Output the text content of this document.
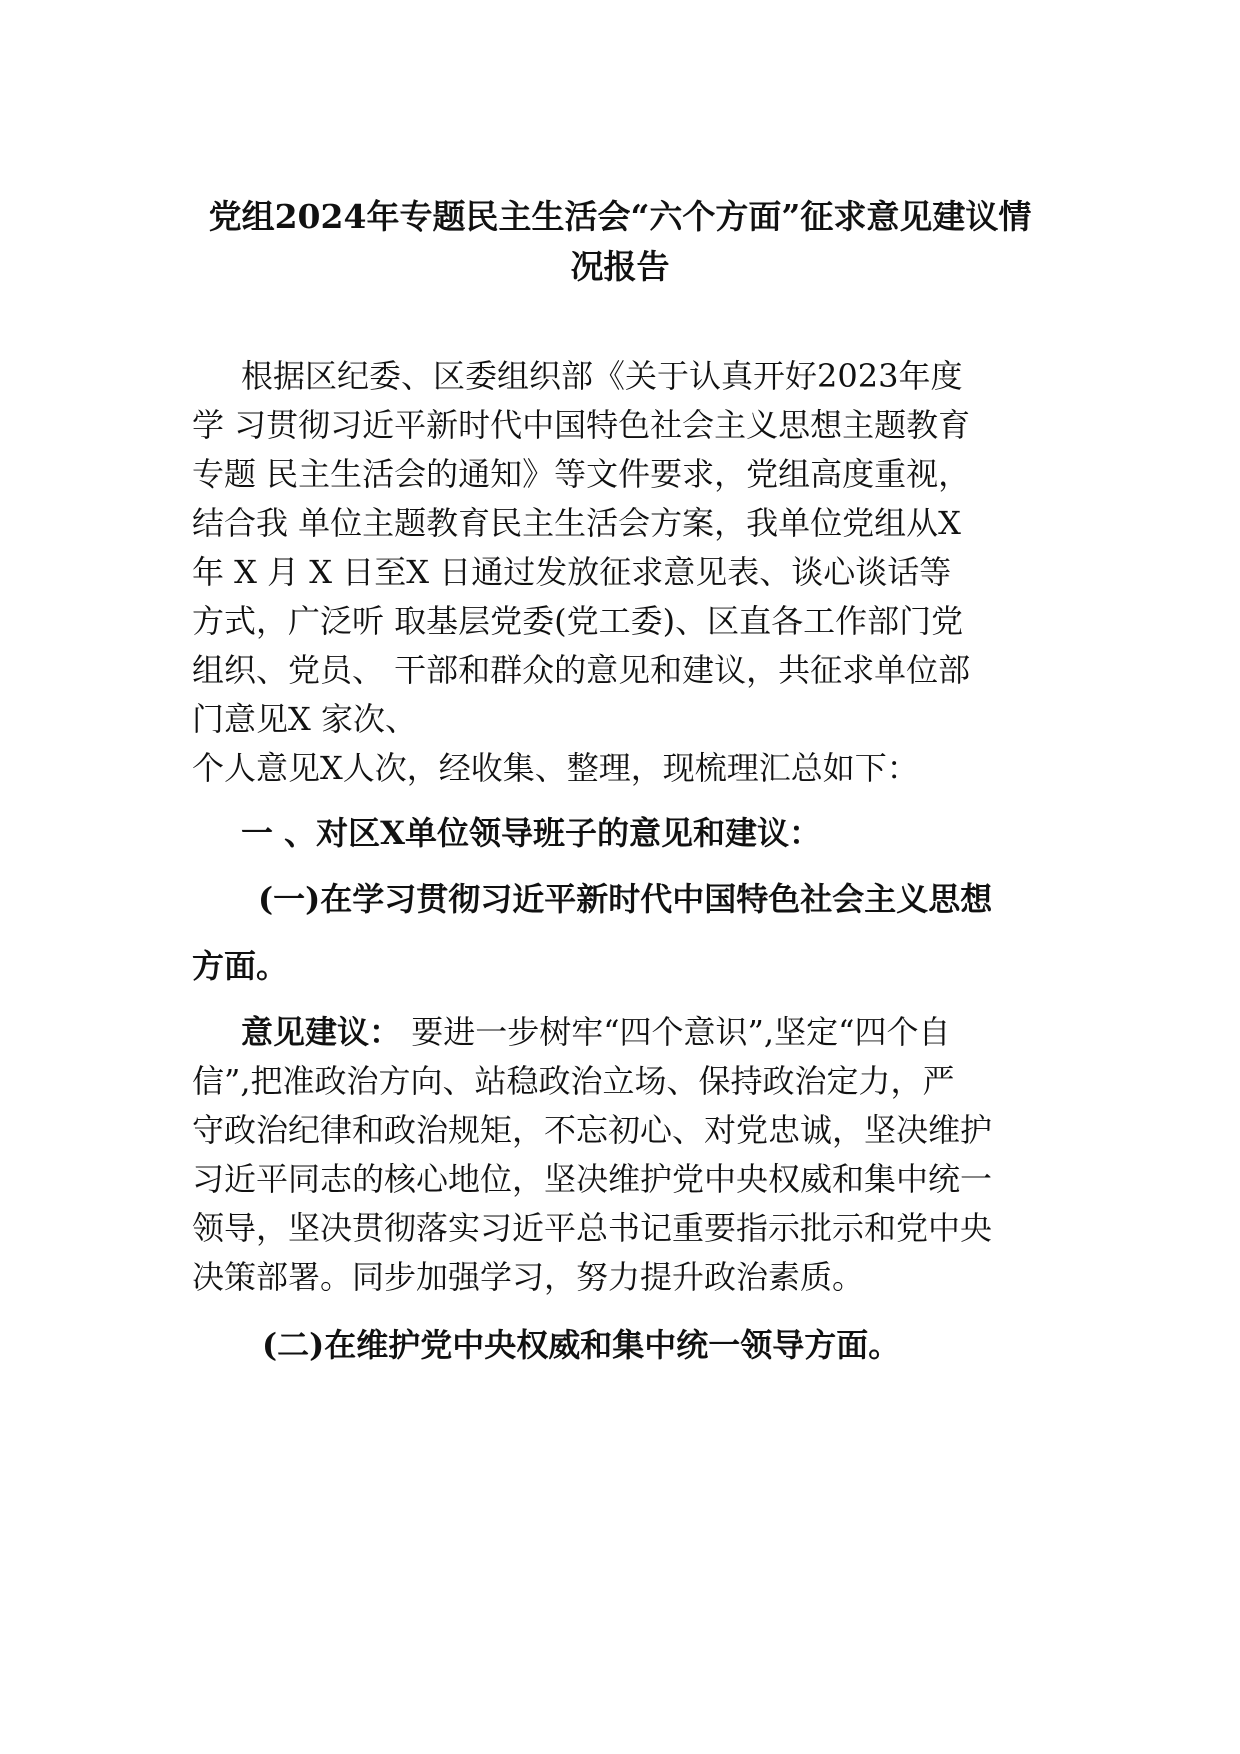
党组2024年专题民主生活会“六个方面”征求意见建议情
况报告

根据区纪委、区委组织部《关于认真开好2023年度

学 习贯彻习近平新时代中国特色社会主义思想主题教育

专题 民主生活会的通知》等文件要求，党组高度重视，

结合我 单位主题教育民主生活会方案，我单位党组从X

年 X 月 X 日至X 日通过发放征求意见表、谈心谈话等

方式，广泛听 取基层党委(党工委)、区直各工作部门党

组织、党员、 干部和群众的意见和建议，共征求单位部

门意见X 家次、

个人意见X人次，经收集、整理，现梳理汇总如下：

一 、对区X单位领导班子的意见和建议：

(一)在学习贯彻习近平新时代中国特色社会主义思想

方面。

意见建议： 要进一步树牢“四个意识”,坚定“四个自

信”,把准政治方向、站稳政治立场、保持政治定力，严

守政治纪律和政治规矩，不忘初心、对党忠诚，坚决维护

习近平同志的核心地位，坚决维护党中央权威和集中统一

领导，坚决贯彻落实习近平总书记重要指示批示和党中央

决策部署。同步加强学习，努力提升政治素质。

(二)在维护党中央权威和集中统一领导方面。
